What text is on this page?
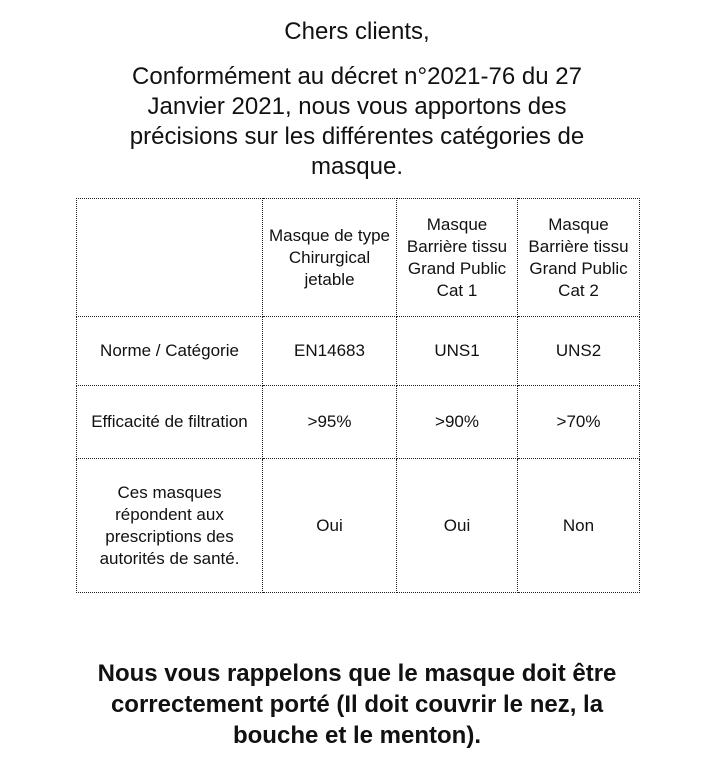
Chers clients,
Conformément au décret n°2021-76 du 27 Janvier 2021, nous vous apportons des précisions sur les différentes catégories de masque.
	Masque de type Chirurgical jetable	Masque Barrière tissu Grand Public Cat 1	Masque Barrière tissu Grand Public Cat 2
Norme / Catégorie	EN14683	UNS1	UNS2
Efficacité de filtration	>95%	>90%	>70%
Ces masques répondent aux prescriptions des autorités de santé.	Oui	Oui	Non
Nous vous rappelons que le masque doit être correctement porté (Il doit couvrir le nez, la bouche et le menton).
